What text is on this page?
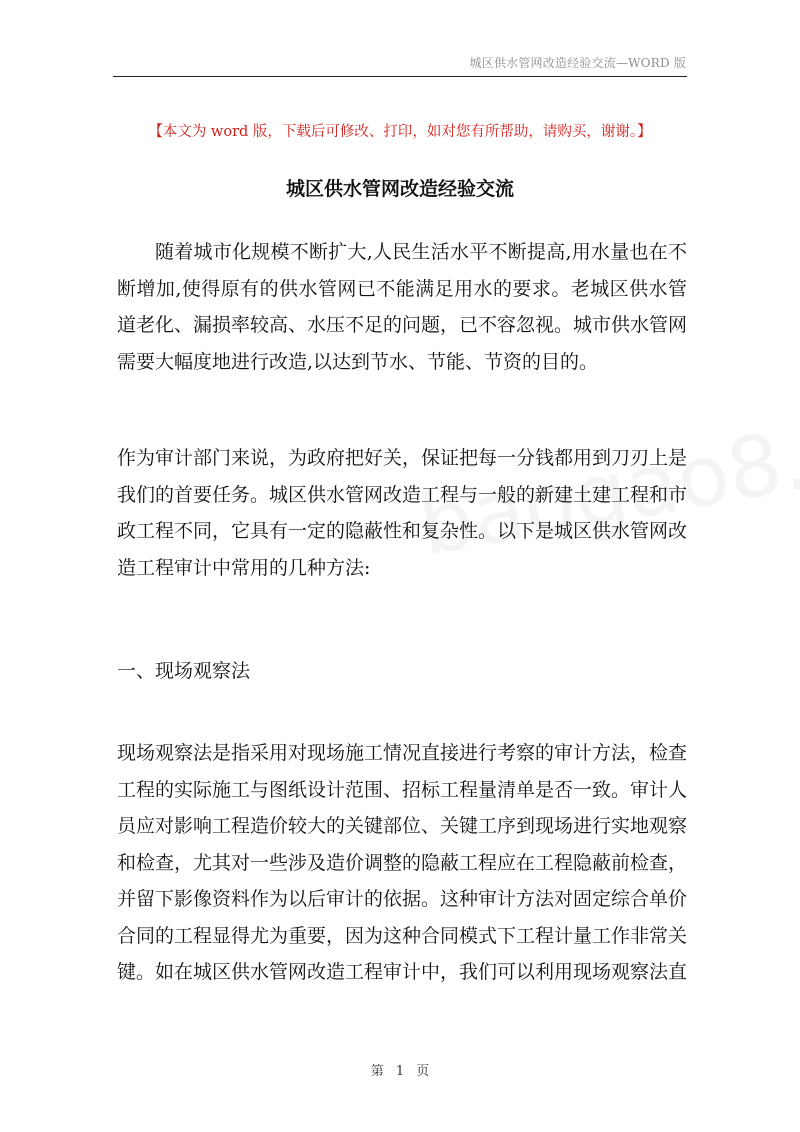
城区供水管网改造经验交流—WORD 版
【本文为 word 版，下载后可修改、打印，如对您有所帮助，请购买，谢谢。】
城区供水管网改造经验交流

随着城市化规模不断扩大,人民生活水平不断提高,用水量也在不断增加,使得原有的供水管网已不能满足用水的要求。老城区供水管道老化、漏损率较高、水压不足的问题，已不容忽视。城市供水管网需要大幅度地进行改造,以达到节水、节能、节资的目的。

作为审计部门来说，为政府把好关，保证把每一分钱都用到刀刃上是我们的首要任务。城区供水管网改造工程与一般的新建土建工程和市政工程不同，它具有一定的隐蔽性和复杂性。以下是城区供水管网改造工程审计中常用的几种方法:

一、现场观察法

现场观察法是指采用对现场施工情况直接进行考察的审计方法，检查工程的实际施工与图纸设计范围、招标工程量清单是否一致。审计人员应对影响工程造价较大的关键部位、关键工序到现场进行实地观察和检查，尤其对一些涉及造价调整的隐蔽工程应在工程隐蔽前检查，并留下影像资料作为以后审计的依据。这种审计方法对固定综合单价合同的工程显得尤为重要，因为这种合同模式下工程计量工作非常关键。如在城区供水管网改造工程审计中，我们可以利用现场观察法直

第 1 页
